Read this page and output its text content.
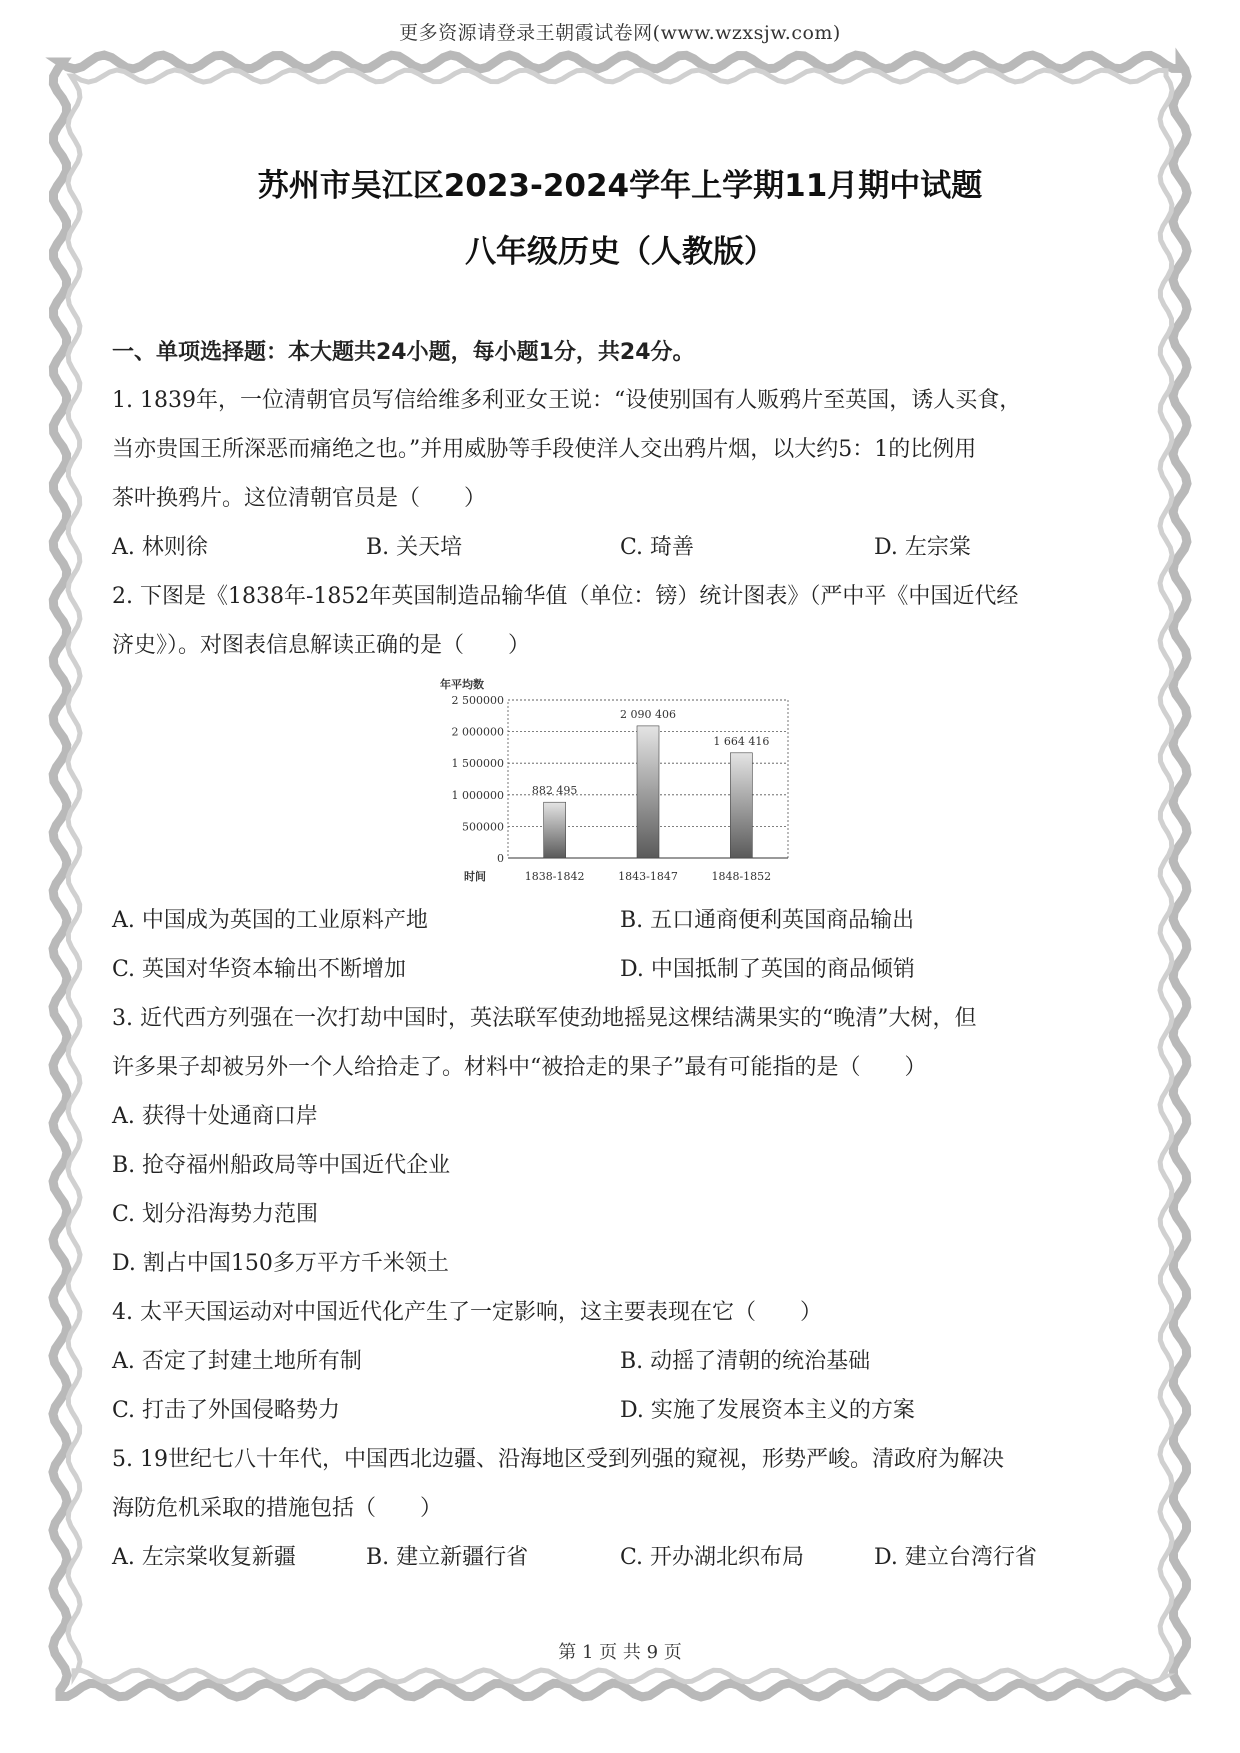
更多资源请登录王朝霞试卷网(www.wzxsjw.com)
苏州市吴江区2023-2024学年上学期11月期中试题
八年级历史（人教版）
一、单项选择题：本大题共24小题，每小题1分，共24分。
1. 1839年，一位清朝官员写信给维多利亚女王说：“设使别国有人贩鸦片至英国，诱人买食，
当亦贵国王所深恶而痛绝之也。”并用威胁等手段使洋人交出鸦片烟，以大约5：1的比例用
茶叶换鸦片。这位清朝官员是（　　）
A. 林则徐	B. 关天培	C. 琦善	D. 左宗棠
2. 下图是《1838年-1852年英国制造品输华值（单位：镑）统计图表》（严中平《中国近代经
济史》）。对图表信息解读正确的是（　　）
0
500000
1 000000
1 500000
2 000000
2 500000
年平均数
时间
882 495
1838-1842
2 090 406
1843-1847
1 664 416
1848-1852
A. 中国成为英国的工业原料产地	B. 五口通商便利英国商品输出
C. 英国对华资本输出不断增加	D. 中国抵制了英国的商品倾销
3. 近代西方列强在一次打劫中国时，英法联军使劲地摇晃这棵结满果实的“晚清”大树，但
许多果子却被另外一个人给拾走了。材料中“被拾走的果子”最有可能指的是（　　）
A. 获得十处通商口岸
B. 抢夺福州船政局等中国近代企业
C. 划分沿海势力范围
D. 割占中国150多万平方千米领土
4. 太平天国运动对中国近代化产生了一定影响，这主要表现在它（　　）
A. 否定了封建土地所有制	B. 动摇了清朝的统治基础
C. 打击了外国侵略势力	D. 实施了发展资本主义的方案
5. 19世纪七八十年代，中国西北边疆、沿海地区受到列强的窥视，形势严峻。清政府为解决
海防危机采取的措施包括（　　）
A. 左宗棠收复新疆	B. 建立新疆行省	C. 开办湖北织布局	D. 建立台湾行省
第 1 页 共 9 页
